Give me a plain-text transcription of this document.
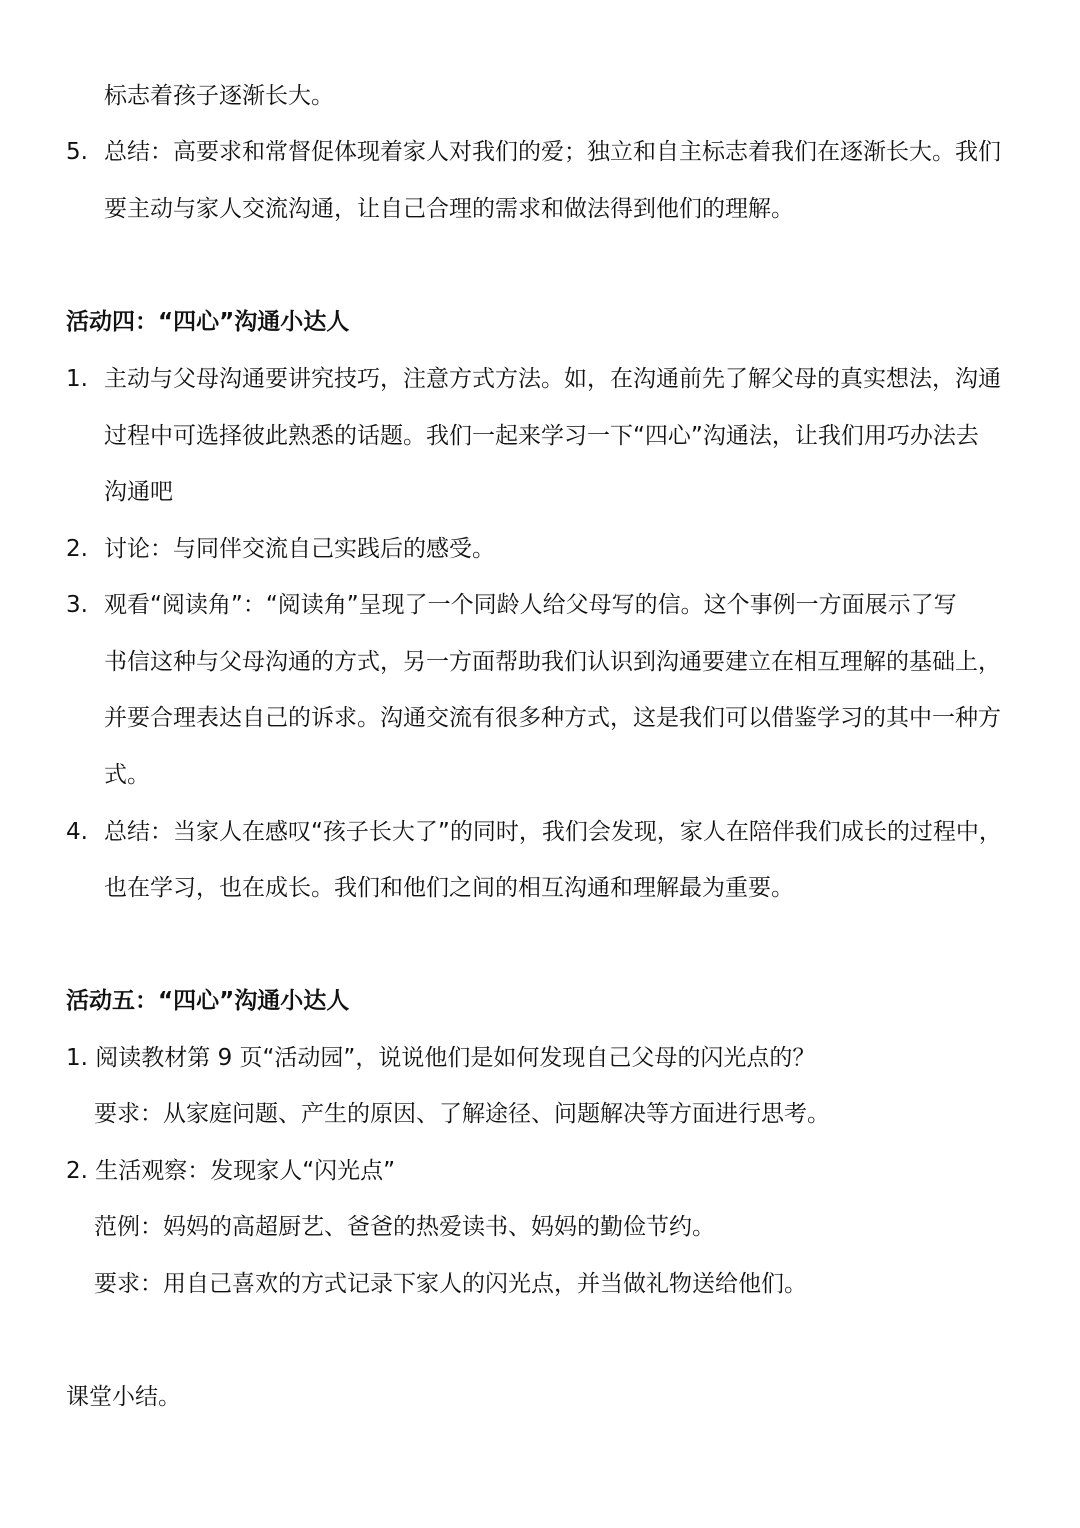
标志着孩子逐渐长大。
5. 总结：高要求和常督促体现着家人对我们的爱；独立和自主标志着我们在逐渐长大。我们
要主动与家人交流沟通，让自己合理的需求和做法得到他们的理解。
活动四：“四心”沟通小达人
1. 主动与父母沟通要讲究技巧，注意方式方法。如，在沟通前先了解父母的真实想法，沟通
过程中可选择彼此熟悉的话题。我们一起来学习一下“四心”沟通法，让我们用巧办法去
沟通吧
2. 讨论：与同伴交流自己实践后的感受。
3. 观看“阅读角”：“阅读角”呈现了一个同龄人给父母写的信。这个事例一方面展示了写
书信这种与父母沟通的方式，另一方面帮助我们认识到沟通要建立在相互理解的基础上，
并要合理表达自己的诉求。沟通交流有很多种方式，这是我们可以借鉴学习的其中一种方
式。
4. 总结：当家人在感叹“孩子长大了”的同时，我们会发现，家人在陪伴我们成长的过程中，
也在学习，也在成长。我们和他们之间的相互沟通和理解最为重要。
活动五：“四心”沟通小达人
1. 阅读教材第 9 页“活动园”，说说他们是如何发现自己父母的闪光点的？
要求：从家庭问题、产生的原因、了解途径、问题解决等方面进行思考。
2. 生活观察：发现家人“闪光点”
范例：妈妈的高超厨艺、爸爸的热爱读书、妈妈的勤俭节约。
要求：用自己喜欢的方式记录下家人的闪光点，并当做礼物送给他们。
课堂小结。
